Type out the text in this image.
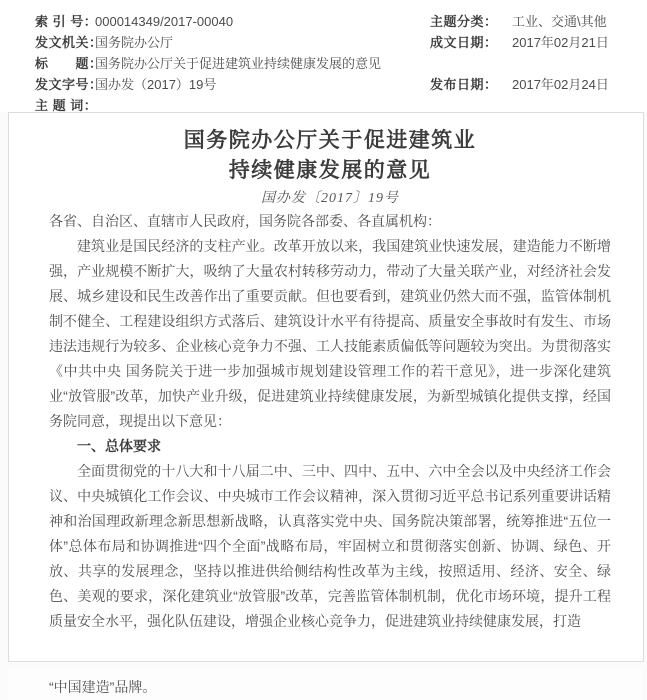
索 引 号：
000014349/2017-00040	主题分类：	工业、交通\其他
发文机关：
国务院办公厅	成文日期：	2017年02月21日
标　　题：
国务院办公厅关于促进建筑业持续健康发展的意见
发文字号：
国办发（2017）19号	发布日期：	2017年02月24日
主 题 词：
国务院办公厅关于促进建筑业
持续健康发展的意见
国办发〔2017〕19号

各省、自治区、直辖市人民政府，国务院各部委、各直属机构：

建筑业是国民经济的支柱产业。改革开放以来，我国建筑业快速发展，建造能力不断增强，产业规模不断扩大，吸纳了大量农村转移劳动力，带动了大量关联产业，对经济社会发展、城乡建设和民生改善作出了重要贡献。但也要看到，建筑业仍然大而不强，监管体制机制不健全、工程建设组织方式落后、建筑设计水平有待提高、质量安全事故时有发生、市场违法违规行为较多、企业核心竞争力不强、工人技能素质偏低等问题较为突出。为贯彻落实《中共中央 国务院关于进一步加强城市规划建设管理工作的若干意见》，进一步深化建筑业“放管服”改革，加快产业升级，促进建筑业持续健康发展，为新型城镇化提供支撑，经国务院同意，现提出以下意见：

一、总体要求

全面贯彻党的十八大和十八届二中、三中、四中、五中、六中全会以及中央经济工作会议、中央城镇化工作会议、中央城市工作会议精神，深入贯彻习近平总书记系列重要讲话精神和治国理政新理念新思想新战略，认真落实党中央、国务院决策部署，统筹推进“五位一体”总体布局和协调推进“四个全面”战略布局，牢固树立和贯彻落实创新、协调、绿色、开放、共享的发展理念，坚持以推进供给侧结构性改革为主线，按照适用、经济、安全、绿色、美观的要求，深化建筑业“放管服”改革，完善监管体制机制，优化市场环境，提升工程质量安全水平，强化队伍建设，增强企业核心竞争力，促进建筑业持续健康发展，打造

“中国建造”品牌。
